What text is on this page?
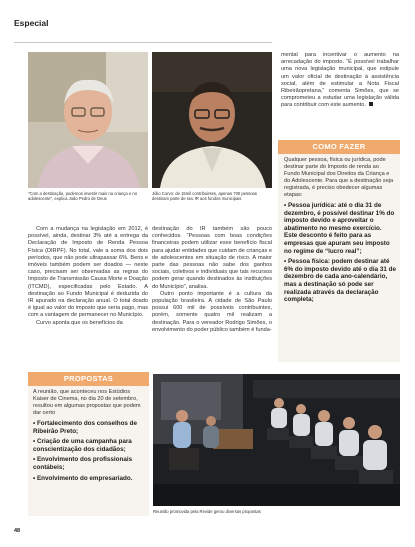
Especial
"Com a destinação, podemos investir mais na criança e no adolescente", explica João Pedro de Deus
Júlio Curvo: de 15mil contribuintes, apenas 700 pessoas destinam parte de seu IR aos fundos municipais
mental para incentivar o aumento na arrecadação do imposto. “É possível trabalhar uma nova legislação municipal, que estipule um valor oficial de destinação à assistência social, além de estimular a Nota Fiscal Ribeirãopretana,” comenta Simões, que se comprometeu a estudar uma legislação válida para contribuir com este aumento.
COMO FAZER
Qualquer pessoa, física ou jurídica, pode destinar parte do Imposto de renda ao Fundo Municipal dos Direitos da Criança e do Adolescente. Para que a destinação seja registrada, é preciso obedecer algumas etapas:
• Pessoa jurídica: até o dia 31 de dezembro, é possível destinar 1% do imposto devido e aproveitar o abatimento no mesmo exercício. Este desconto é feito para as empresas que apuram seu imposto no regime de “lucro real”;
• Pessoa física: podem destinar até 6% do imposto devido até o dia 31 de dezembro de cada ano-calendário, mas a destinação só pode ser realizada através da declaração completa;

Com a mudança na legislação em 2012, é possível, ainda, destinar 3% até a entrega da Declaração de Imposto de Renda Pessoa Física (DIRPF). No total, vale a soma dos dois períodos, que não pode ultrapassar 6%. Bens e imóveis também podem ser doados — neste caso, precisam ser observadas as regras do Imposto de Transmissão Causa Morte e Doação (ITCMD), especificadas pelo Estado. A destinação ao Fundo Municipal é deduzida do IR apurado na declaração anual. O total doado é igual ao valor do imposto que seria pago, mas com a vantagem de permanecer no Município.

Curvo aponta que os benefícios da

destinação do IR também são pouco conhecidos. “Pessoas com boas condições financeiras podem utilizar esse benefício fiscal para ajudar entidades que cuidam de crianças e de adolescentes em situação de risco. A maior parte das pessoas não sabe dos ganhos sociais, coletivos e individuais que tais recursos podem gerar quando destinados às instituições do Município”, analisa.

Outro ponto importante é a cultura da população brasileira. A cidade de São Paulo possui 600 mil de possíveis contribuintes, porém, somente quatro mil realizam a destinação. Para o vereador Rodrigo Simões, o envolvimento do poder público também é funda-

PROPOSTAS
A reunião, que aconteceu nos Estúdios Kaiser de Cinema, no dia 20 de setembro, resultou em algumas propostas que podem dar certo
• Fortalecimento dos conselhos de Ribeirão Preto;
• Criação de uma campanha para conscientização dos cidadãos;
• Envolvimento dos profissionais contábeis;
• Envolvimento do empresariado.
Reunião promovida pela Revide gerou diversas propostas
48
